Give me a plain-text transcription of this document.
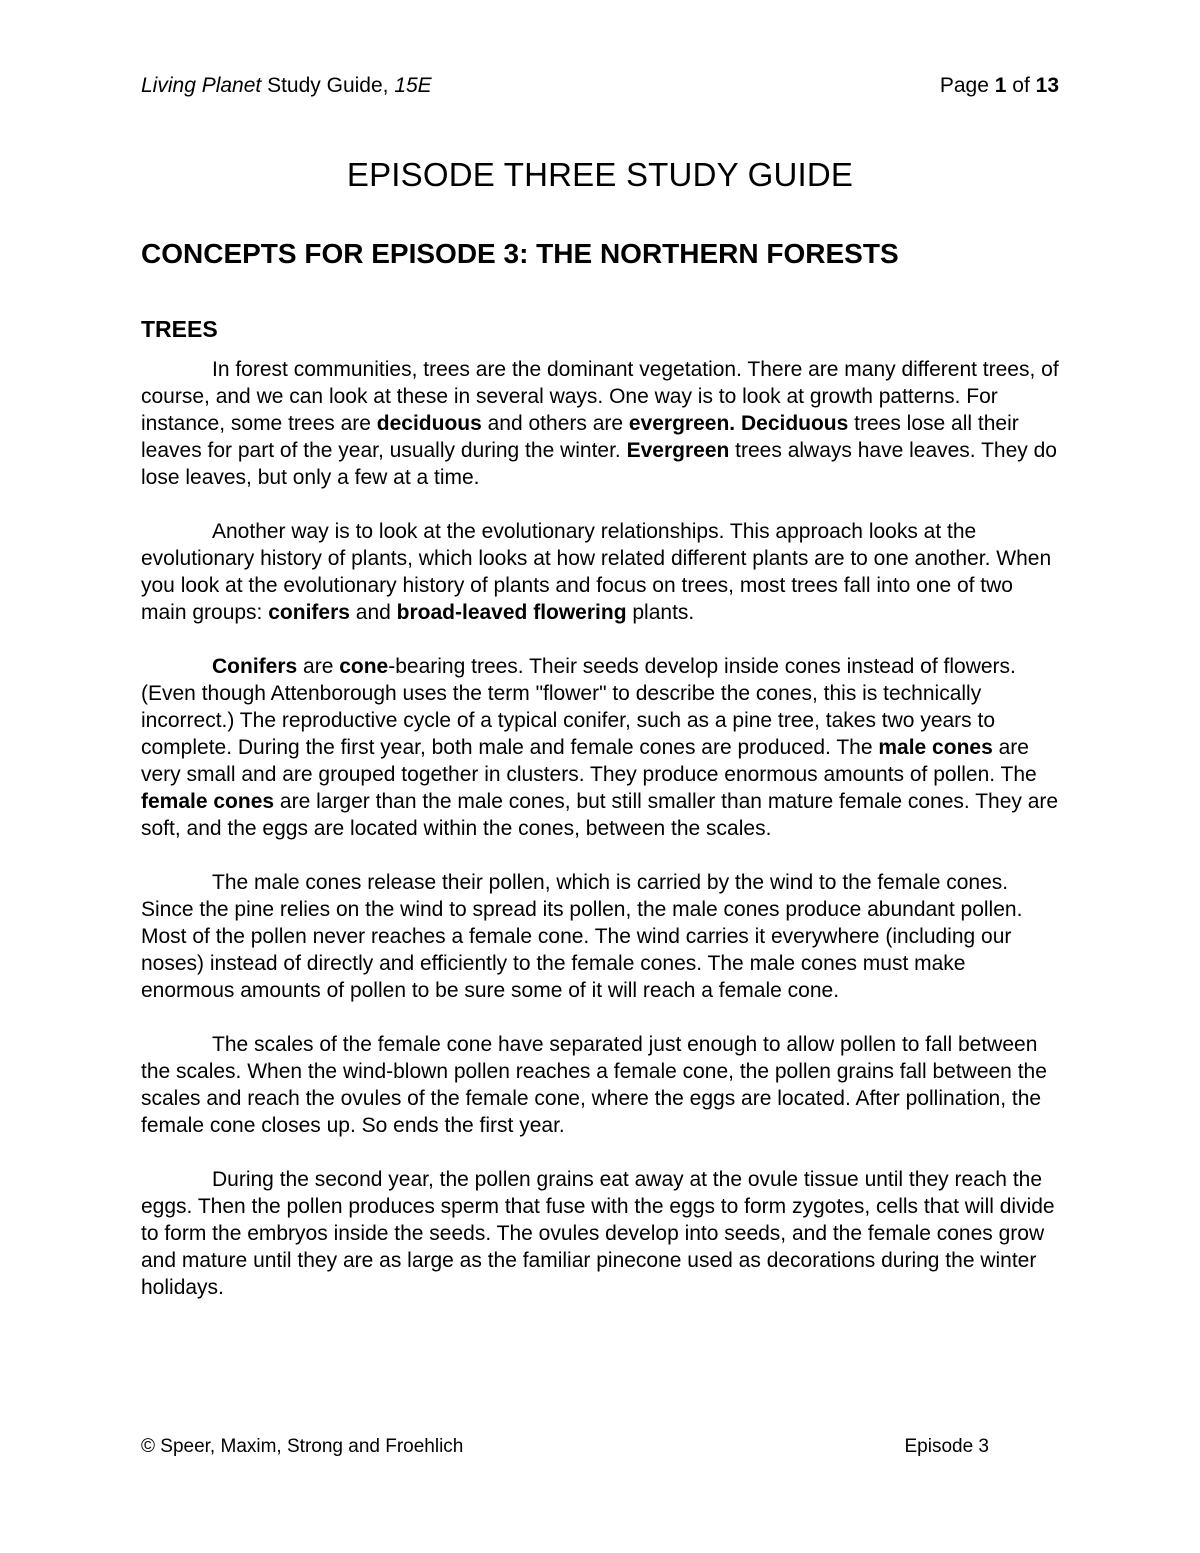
Living Planet Study Guide, 15E	Page 1 of 13
EPISODE THREE STUDY GUIDE
CONCEPTS FOR EPISODE 3: THE NORTHERN FORESTS
TREES

In forest communities, trees are the dominant vegetation. There are many different trees, of course, and we can look at these in several ways. One way is to look at growth patterns. For instance, some trees are deciduous and others are evergreen. Deciduous trees lose all their leaves for part of the year, usually during the winter. Evergreen trees always have leaves. They do lose leaves, but only a few at a time.

Another way is to look at the evolutionary relationships. This approach looks at the evolutionary history of plants, which looks at how related different plants are to one another. When you look at the evolutionary history of plants and focus on trees, most trees fall into one of two main groups: conifers and broad-leaved flowering plants.

Conifers are cone-bearing trees. Their seeds develop inside cones instead of flowers. (Even though Attenborough uses the term "flower" to describe the cones, this is technically incorrect.) The reproductive cycle of a typical conifer, such as a pine tree, takes two years to complete. During the first year, both male and female cones are produced. The male cones are very small and are grouped together in clusters. They produce enormous amounts of pollen. The female cones are larger than the male cones, but still smaller than mature female cones. They are soft, and the eggs are located within the cones, between the scales.

The male cones release their pollen, which is carried by the wind to the female cones. Since the pine relies on the wind to spread its pollen, the male cones produce abundant pollen. Most of the pollen never reaches a female cone. The wind carries it everywhere (including our noses) instead of directly and efficiently to the female cones. The male cones must make enormous amounts of pollen to be sure some of it will reach a female cone.

The scales of the female cone have separated just enough to allow pollen to fall between the scales. When the wind-blown pollen reaches a female cone, the pollen grains fall between the scales and reach the ovules of the female cone, where the eggs are located. After pollination, the female cone closes up. So ends the first year.

During the second year, the pollen grains eat away at the ovule tissue until they reach the eggs. Then the pollen produces sperm that fuse with the eggs to form zygotes, cells that will divide to form the embryos inside the seeds. The ovules develop into seeds, and the female cones grow and mature until they are as large as the familiar pinecone used as decorations during the winter holidays.

© Speer, Maxim, Strong and Froehlich	Episode 3
